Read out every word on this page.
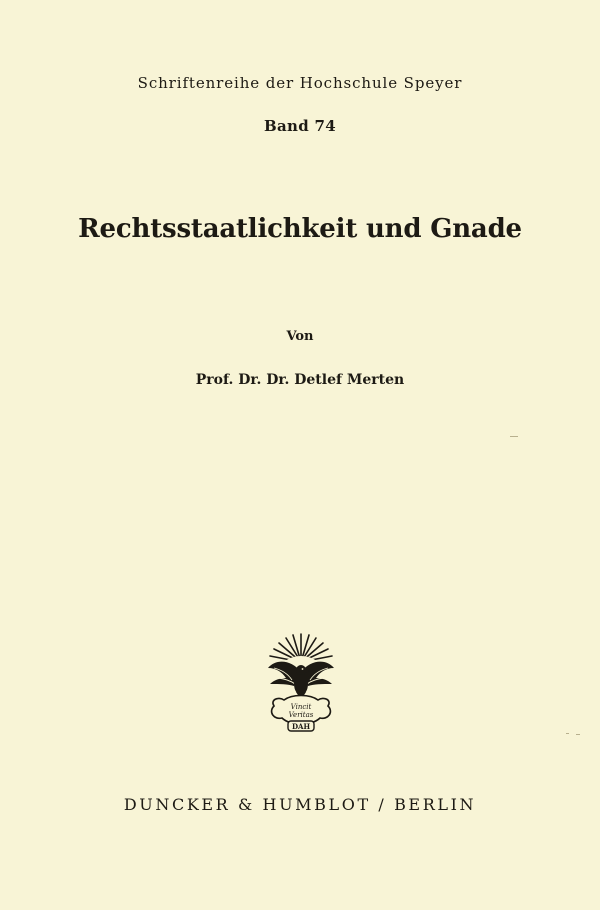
Schriftenreihe der Hochschule Speyer
Band 74
Rechtsstaatlichkeit und Gnade
Von
Prof. Dr. Dr. Detlef Merten
Vincit
Veritas
DAH
DUNCKER & HUMBLOT / BERLIN
